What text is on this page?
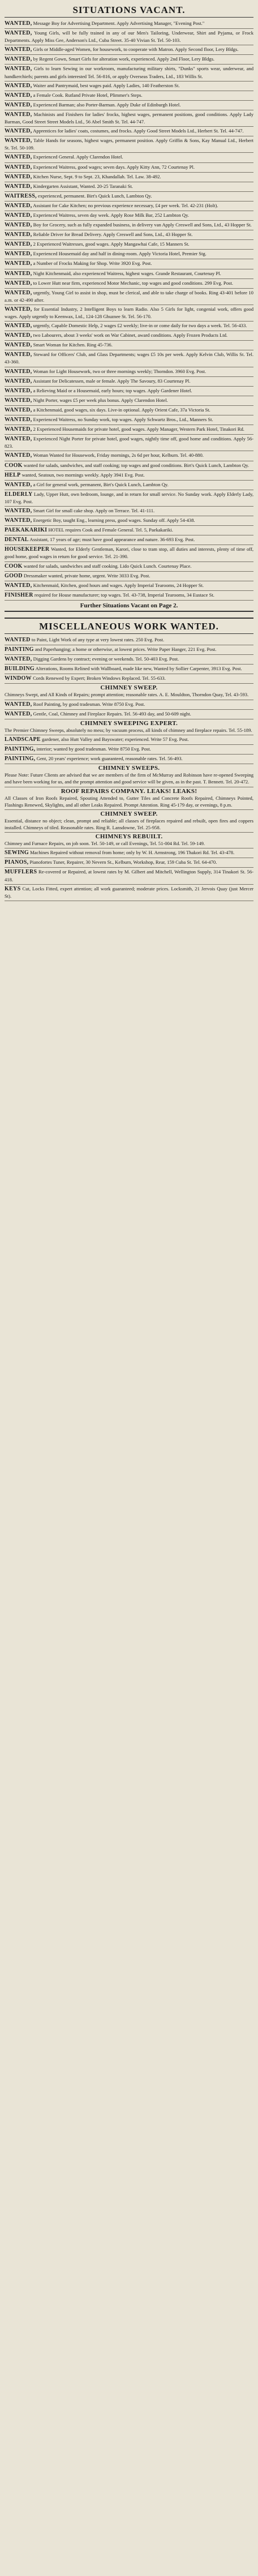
SITUATIONS VACANT.
WANTED, Message Boy for Advertising Department. Apply Advertising Manager, "Evening Post."
WANTED, Young Girls, will be fully trained in any of our Men's Tailoring, Underwear, Shirt and Pyjama, or Frock Departments. Apply Miss Gee, Anderson's Ltd., Cuba Street. 35-40 Vivian St. Tel. 50-103.
WANTED, Girls or Middle-aged Women, for housework, to cooperate with Matron. Apply Second floor, Lery Bldgs.
WANTED, by Regent Gown, Smart Girls for alteration work, experienced. Apply 2nd Floor, Lery Bldgs.
WANTED, Girls to learn Sewing in our workroom, manufacturing military shirts, "Dunks" sports wear, underwear, and handkerchiefs; parents and girls interested Tel. 56-816, or apply Overseas Traders, Ltd., 183 Willis St.
WANTED, Waiter and Pantrymaid, best wages paid. Apply Ladies, 140 Featherston St.
WANTED, a Female Cook. Rutland Private Hotel, Plimmer's Steps.
WANTED, Experienced Barman; also Porter-Barman. Apply Duke of Edinburgh Hotel.
WANTED, Machinists and Finishers for ladies' frocks, highest wages, permanent positions, good conditions. Apply Lady Barman, Good Street Street Models Ltd., 56 Abel Smith St. Tel. 44-747.
WANTED, Apprentices for ladies' coats, costumes, and frocks. Apply Good Street Models Ltd., Herbert St. Tel. 44-747.
WANTED, Table Hands for seasons, highest wages, permanent position. Apply Griffin & Sons, Kay Manual Ltd., Herbert St. Tel. 50-109.
WANTED, Experienced General. Apply Clarendon Hotel.
WANTED, Experienced Waitress, good wages; seven days. Apply Kitty Ann, 72 Courtenay Pl.
WANTED, Kitchen Nurse, Sept. 9 to Sept. 23, Khandallah. Tel. Law. 38-492.
WANTED, Kindergarten Assistant, Wanted. 20-25 Taranaki St.
WAITRESS, experienced, permanent. Birt's Quick Lunch, Lambton Qy.
WANTED, Assistant for Cake Kitchen; no previous experience necessary, £4 per week. Tel. 42-231 (Holt).
WANTED, Experienced Waitress, seven day week. Apply Rose Milk Bar, 252 Lambton Qy.
WANTED, Boy for Grocery, such as fully expanded business, in delivery van Apply Creswell and Sons, Ltd., 43 Hopper St.
WANTED, Reliable Driver for Bread Delivery. Apply Creswell and Sons, Ltd., 43 Hopper St.
WANTED, 2 Experienced Waitresses, good wages. Apply Mangawhai Cafe, 15 Manners St.
WANTED, Experienced Housemaid day and half in dining-room. Apply Victoria Hotel, Premier Stg.
WANTED, a Number of Frocks Making for Shop. Write 3920 Evg. Post.
WANTED, Night Kitchenmaid, also experienced Waitress, highest wages. Grande Restaurant, Courtenay Pl.
WANTED, to Lower Hutt near firm, experienced Motor Mechanic, top wages and good conditions. 299 Evg. Post.
WANTED, urgently, Young Girl to assist in shop, must be clerical, and able to take charge of books. Ring 43-401 before 10 a.m. or 42-490 after.
WANTED, for Essential Industry, 2 Intelligent Boys to learn Radio. Also 5 Girls for light, congenial work, offers good wages. Apply urgently to Keenwax, Ltd., 124-128 Ghuznee St. Tel. 56-170.
WANTED, urgently, Capable Domestic Help, 2 wages £2 weekly; live-in or come daily for two days a week. Tel. 56-433.
WANTED, two Labourers, about 3 weeks' work on War Cabinet, award conditions. Apply Frozen Products Ltd.
WANTED, Smart Woman for Kitchen. Ring 45-736.
WANTED, Steward for Officers' Club, and Glass Departments; wages £5 10s per week. Apply Kelvin Club, Willis St. Tel. 43-360.
WANTED, Woman for Light Housework, two or three mornings weekly; Thorndon. 3960 Evg. Post.
WANTED, Assistant for Delicatessen, male or female. Apply The Savoury, 83 Courtenay Pl.
WANTED, a Relieving Maid or a Housemaid, early hours; top wages. Apply Gardener Hotel.
WANTED, Night Porter, wages £5 per week plus bonus. Apply Clarendon Hotel.
WANTED, a Kitchenmaid, good wages, six days. Live-in optional. Apply Orient Cafe, 37a Victoria St.
WANTED, Experienced Waitress, no Sunday work, top wages. Apply Schwartz Bros., Ltd., Manners St.
WANTED, 2 Experienced Housemaids for private hotel, good wages. Apply Manager, Western Park Hotel, Tinakori Rd.
WANTED, Experienced Night Porter for private hotel, good wages, nightly time off, good home and conditions. Apply 56-823.
WANTED, Woman Wanted for Housework, Friday mornings, 2s 6d per hour, Kelburn. Tel. 40-880.
COOK wanted for salads, sandwiches, and staff cooking; top wages and good conditions. Birt's Quick Lunch, Lambton Qy.
HELP wanted, Seatoun, two mornings weekly. Apply 3941 Evg. Post.
WANTED, a Girl for general work, permanent, Birt's Quick Lunch, Lambton Qy.
ELDERLY Lady, Upper Hutt, own bedroom, lounge, and in return for small service. No Sunday work. Apply Elderly Lady, 107 Evg. Post.
WANTED, Smart Girl for small cake shop. Apply on Terrace. Tel. 41-111.
WANTED, Energetic Boy, taught Eng., learning press, good wages. Sunday off. Apply 54-438.
PAEKAKARIKI HOTEL requires Cook and Female General. Tel. 5, Paekakariki.
DENTAL Assistant, 17 years of age; must have good appearance and nature. 36-693 Evg. Post.
HOUSEKEEPER Wanted, for Elderly Gentleman, Karori, close to tram stop, all duties and interests, plenty of time off, good home, good wages in return for good service. Tel. 21-390.
COOK wanted for salads, sandwiches and staff cooking. Lido Quick Lunch. Courtenay Place.
GOOD Dressmaker wanted, private home, urgent. Write 3033 Evg. Post.
WANTED, Kitchenmaid, Kitchen, good hours and wages. Apply Imperial Tearooms, 24 Hopper St.
FINISHER required for House manufacturer; top wages. Tel. 43-738, Imperial Tearooms, 34 Eustace St.
Further Situations Vacant on Page 2.
MISCELLANEOUS WORK WANTED.
WANTED to Paint, Light Work of any type at very lowest rates. 250 Evg. Post.
PAINTING and Paperhanging; a home or otherwise, at lowest prices. Write Paper Hanger, 221 Evg. Post.
WANTED, Digging Gardens by contract; evening or weekends. Tel. 50-403 Evg. Post.
BUILDING Alterations, Rooms Relined with Wallboard, made like new, Wanted by Sollier Carpenter, 3913 Evg. Post.
WINDOW Cords Renewed by Expert; Broken Windows Replaced. Tel. 55-633.
CHIMNEY SWEEP.
Chimneys Swept, and All Kinds of Repairs; prompt attention; reasonable rates. A. E. Mouldton, Thorndon Quay, Tel. 43-593.
WANTED, Roof Painting, by good tradesman. Write 8750 Evg. Post.
WANTED, Gentle, Coal, Chimney and Fireplace Repairs. Tel. 56-493 day, and 50-609 night.
CHIMNEY SWEEPING EXPERT.
The Premier Chimney Sweeps, absolutely no mess; by vacuum process, all kinds of chimney and fireplace repairs. Tel. 55-189.
LANDSCAPE gardener, also Hutt Valley and Bayswater; experienced. Write 57 Evg. Post.
PAINTING, interior; wanted by good tradesman. Write 8750 Evg. Post.
PAINTING, Gent, 20 years' experience; work guaranteed, reasonable rates. Tel. 56-493.
CHIMNEY SWEEPS.
Please Note: Future Clients are advised that we are members of the firm of McMurray and Robinson have re-opened Sweeping and have been working for us, and the prompt attention and good service will be given, as in the past. T. Bennett. Tel. 20-472.
ROOF REPAIRS COMPANY. LEAKS! LEAKS!
All Classes of Iron Roofs Repaired, Spouting Attended to, Gutter Tiles and Concrete Roofs Repaired, Chimneys Pointed, Flashings Renewed, Skylights, and all other Leaks Repaired. Prompt Attention. Ring 45-179 day, or evenings, 8 p.m.
CHIMNEY SWEEP.
Essential, distance no object; clean, prompt and reliable; all classes of fireplaces repaired and rebuilt, open fires and coppers installed. Chimneys of tiled. Reasonable rates. Ring R. Lansdowne, Tel. 25-958.
CHIMNEYS REBUILT.
Chimney and Furnace Repairs, on job soon. Tel. 50-149, or call Evenings, Tel. 51-004 Rd. Tel. 59-149.
SEWING Machines Repaired without removal from home; only by W. H. Armstrong, 196 Thakori Rd. Tel. 43-478.
PIANOS, Pianofortes Tuner, Repairer, 30 Nevern St., Kelburn, Workshop, Rear, 159 Cuba St. Tel. 64-470.
MUFFLERS Re-covered or Repaired, at lowest rates by M. Gilbert and Mitchell, Wellington Supply, 314 Tinakori St. 56-418.
KEYS Cut, Locks Fitted, expert attention; all work guaranteed; moderate prices. Locksmith, 21 Jervois Quay (just Mercer St).
